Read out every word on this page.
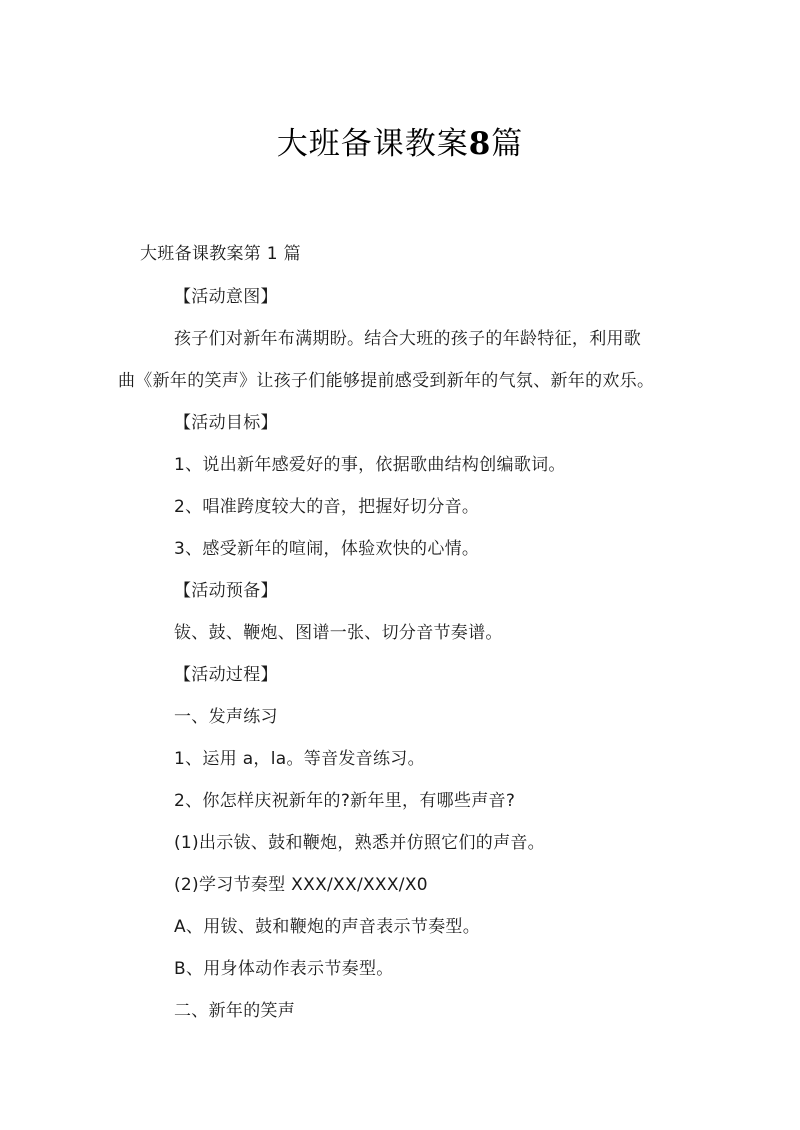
大班备课教案8篇
大班备课教案第 1 篇
【活动意图】
孩子们对新年布满期盼。结合大班的孩子的年龄特征，利用歌
曲《新年的笑声》让孩子们能够提前感受到新年的气氛、新年的欢乐。
【活动目标】
1、说出新年感爱好的事，依据歌曲结构创编歌词。
2、唱准跨度较大的音，把握好切分音。
3、感受新年的喧闹，体验欢快的心情。
【活动预备】
钹、鼓、鞭炮、图谱一张、切分音节奏谱。
【活动过程】
一、发声练习
1、运用 a，la。等音发音练习。
2、你怎样庆祝新年的?新年里，有哪些声音?
(1)出示钹、鼓和鞭炮，熟悉并仿照它们的声音。
(2)学习节奏型 XXX/XX/XXX/X0
A、用钹、鼓和鞭炮的声音表示节奏型。
B、用身体动作表示节奏型。
二、新年的笑声
